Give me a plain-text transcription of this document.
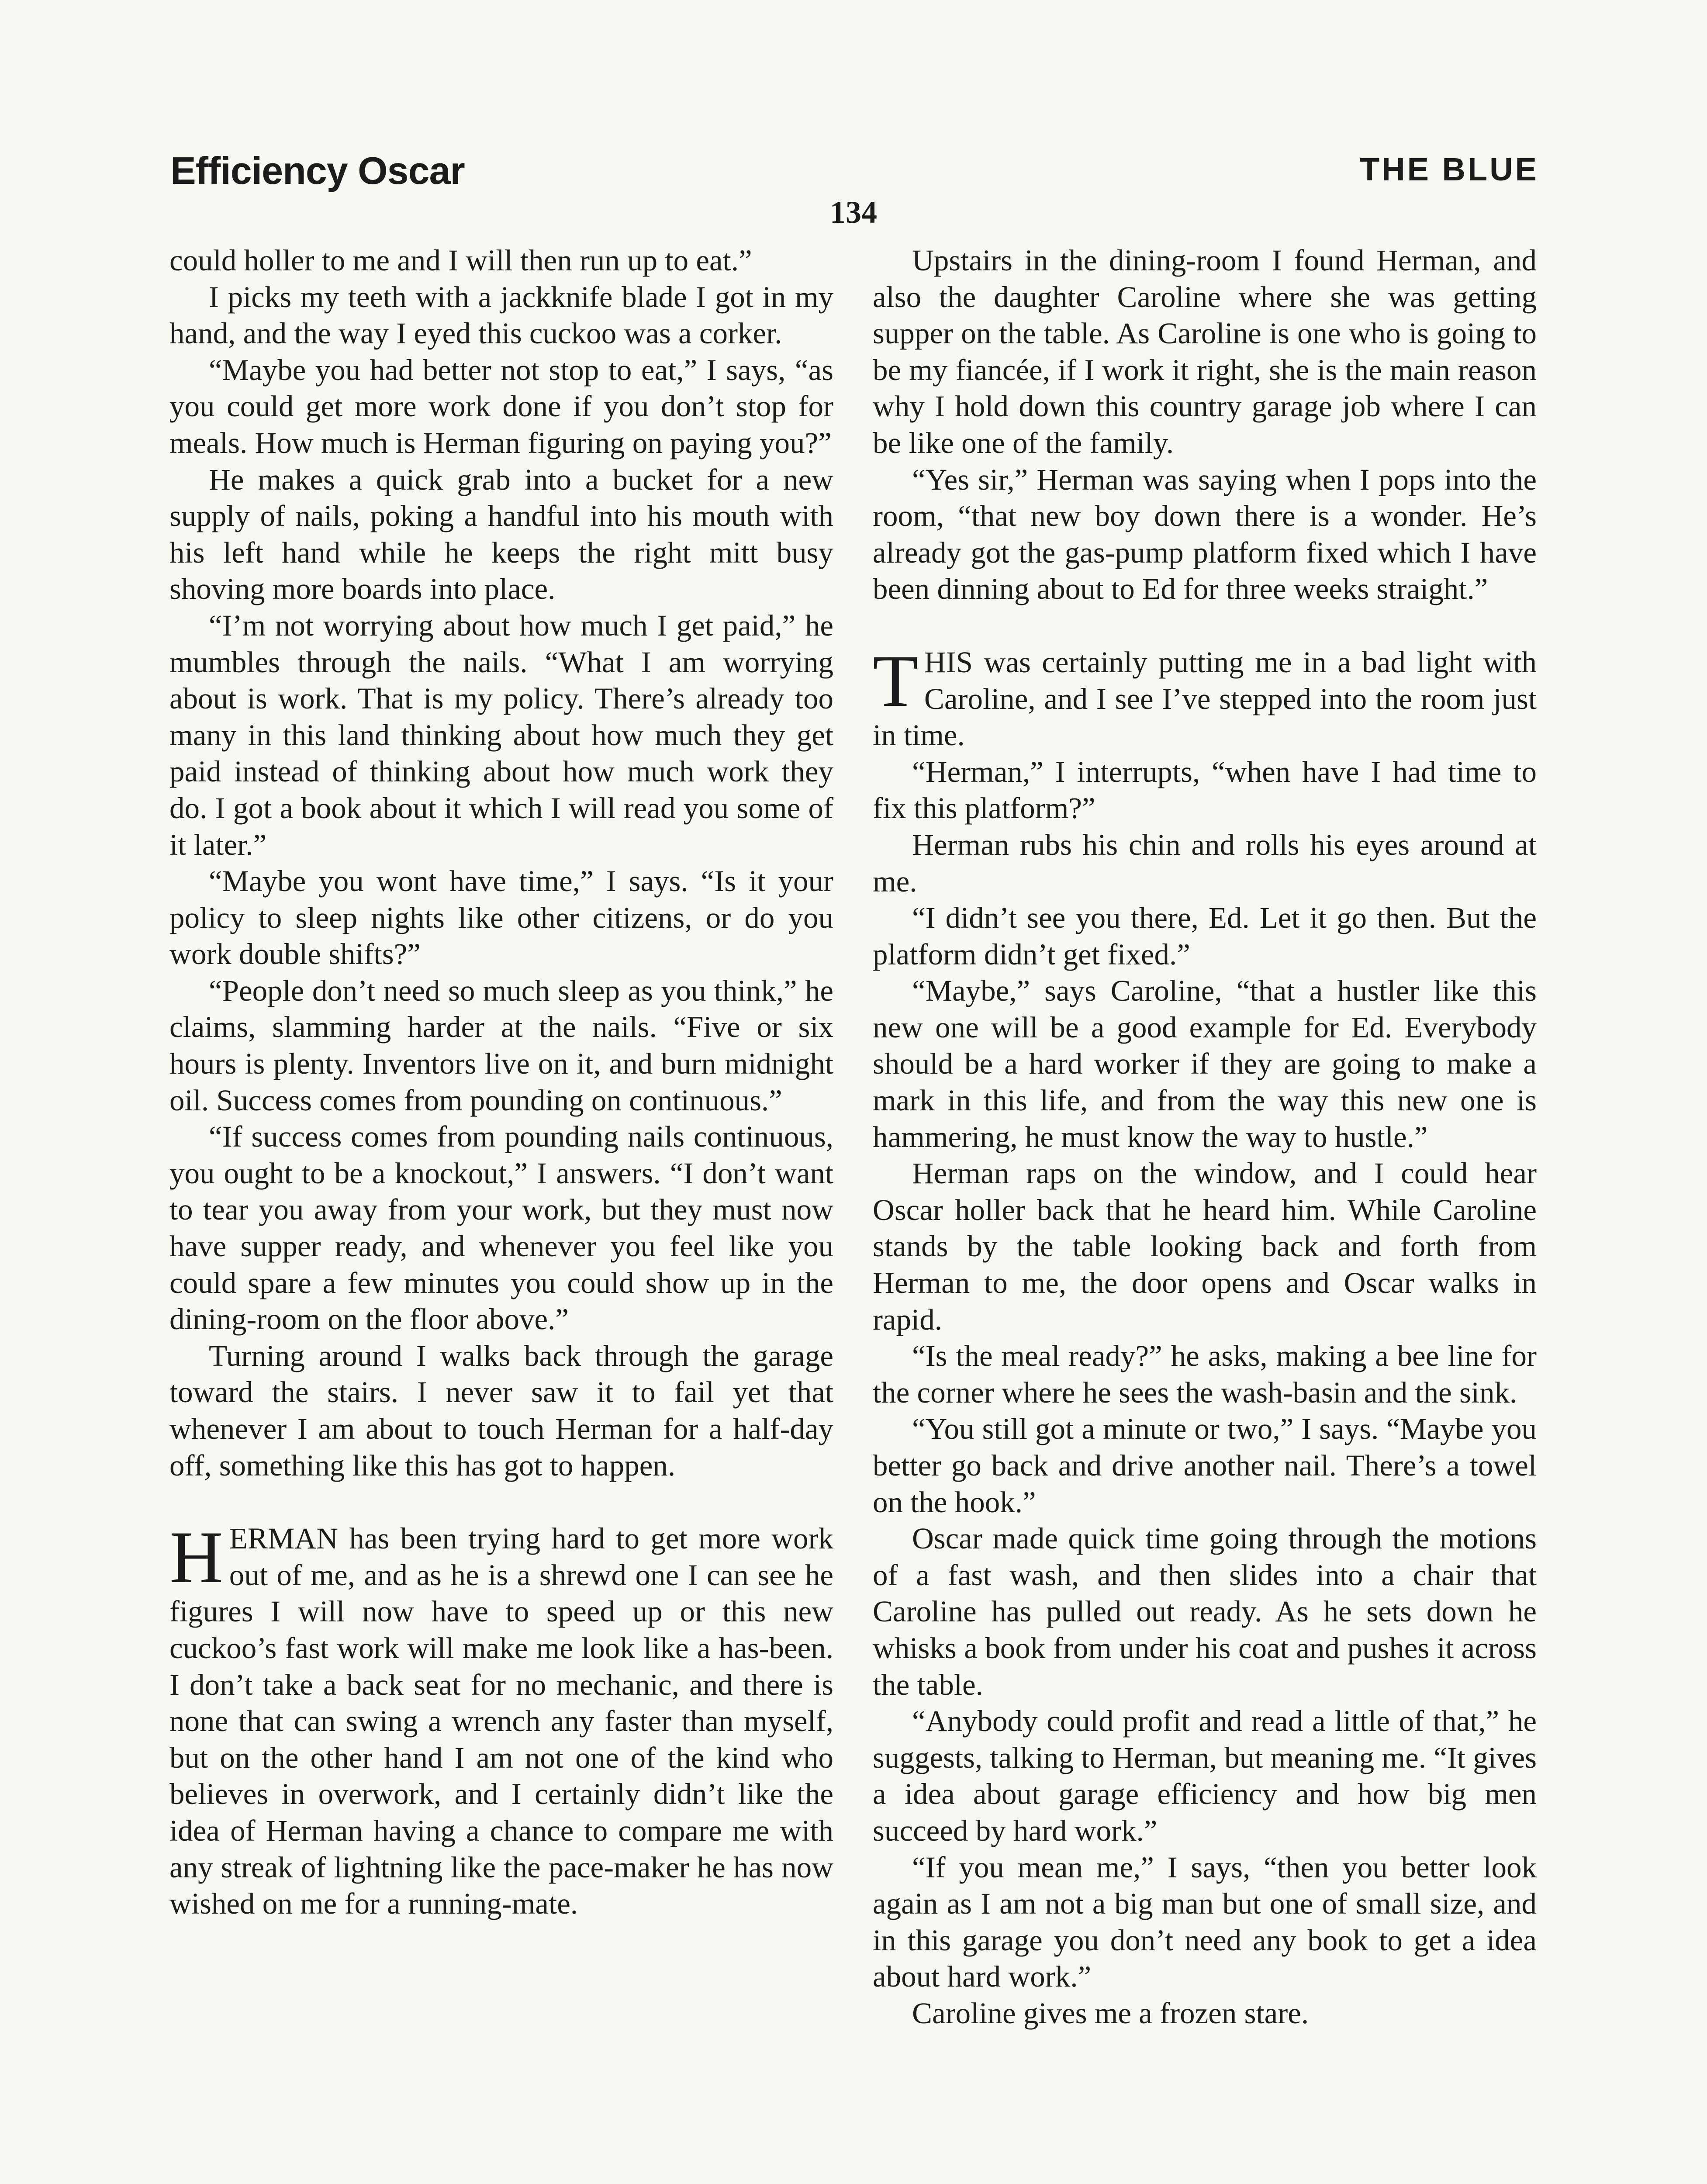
Efficiency Oscar	THE BLUE
134

could holler to me and I will then run up to eat.”

I picks my teeth with a jackknife blade I got in my hand, and the way I eyed this cuckoo was a corker.

“Maybe you had better not stop to eat,” I says, “as you could get more work done if you don’t stop for meals. How much is Herman figuring on paying you?”

He makes a quick grab into a bucket for a new supply of nails, poking a handful into his mouth with his left hand while he keeps the right mitt busy shoving more boards into place.

“I’m not worrying about how much I get paid,” he mumbles through the nails. “What I am worrying about is work. That is my policy. There’s already too many in this land thinking about how much they get paid instead of thinking about how much work they do. I got a book about it which I will read you some of it later.”

“Maybe you wont have time,” I says. “Is it your policy to sleep nights like other citizens, or do you work double shifts?”

“People don’t need so much sleep as you think,” he claims, slamming harder at the nails. “Five or six hours is plenty. Inventors live on it, and burn midnight oil. Success comes from pounding on continuous.”

“If success comes from pounding nails continuous, you ought to be a knockout,” I answers. “I don’t want to tear you away from your work, but they must now have supper ready, and whenever you feel like you could spare a few minutes you could show up in the dining-room on the floor above.”

Turning around I walks back through the garage toward the stairs. I never saw it to fail yet that whenever I am about to touch Herman for a half-day off, something like this has got to happen.

HERMAN has been trying hard to get more work out of me, and as he is a shrewd one I can see he figures I will now have to speed up or this new cuckoo’s fast work will make me look like a has-been. I don’t take a back seat for no mechanic, and there is none that can swing a wrench any faster than myself, but on the other hand I am not one of the kind who believes in overwork, and I certainly didn’t like the idea of Herman having a chance to compare me with any streak of lightning like the pace-maker he has now wished on me for a running-mate.

Upstairs in the dining-room I found Herman, and also the daughter Caroline where she was getting supper on the table. As Caroline is one who is going to be my fiancée, if I work it right, she is the main reason why I hold down this country garage job where I can be like one of the family.

“Yes sir,” Herman was saying when I pops into the room, “that new boy down there is a wonder. He’s already got the gas-pump platform fixed which I have been dinning about to Ed for three weeks straight.”

THIS was certainly putting me in a bad light with Caroline, and I see I’ve stepped into the room just in time.

“Herman,” I interrupts, “when have I had time to fix this platform?”

Herman rubs his chin and rolls his eyes around at me.

“I didn’t see you there, Ed. Let it go then. But the platform didn’t get fixed.”

“Maybe,” says Caroline, “that a hustler like this new one will be a good example for Ed. Everybody should be a hard worker if they are going to make a mark in this life, and from the way this new one is hammering, he must know the way to hustle.”

Herman raps on the window, and I could hear Oscar holler back that he heard him. While Caroline stands by the table looking back and forth from Herman to me, the door opens and Oscar walks in rapid.

“Is the meal ready?” he asks, making a bee line for the corner where he sees the wash-basin and the sink.

“You still got a minute or two,” I says. “Maybe you better go back and drive another nail. There’s a towel on the hook.”

Oscar made quick time going through the motions of a fast wash, and then slides into a chair that Caroline has pulled out ready. As he sets down he whisks a book from under his coat and pushes it across the table.

“Anybody could profit and read a little of that,” he suggests, talking to Herman, but meaning me. “It gives a idea about garage efficiency and how big men succeed by hard work.”

“If you mean me,” I says, “then you better look again as I am not a big man but one of small size, and in this garage you don’t need any book to get a idea about hard work.”

Caroline gives me a frozen stare.
